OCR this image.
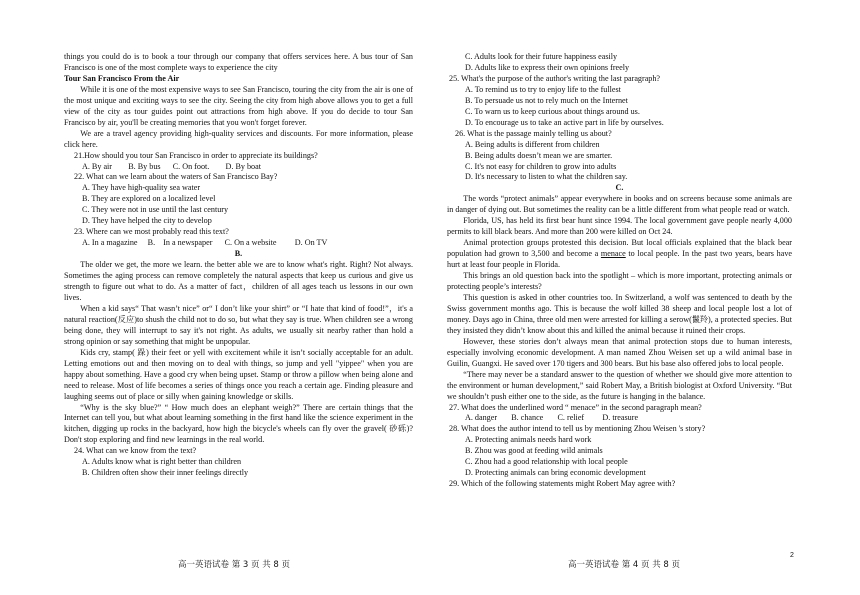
things you could do is to book a tour through our company that offers services here. A bus tour of San Francisco is one of the most complete ways to experience the city

Tour San Francisco From the Air

While it is one of the most expensive ways to see San Francisco, touring the city from the air is one of the most unique and exciting ways to see the city. Seeing the city from high above allows you to get a full view of the city as tour guides point out attractions from high above. If you do decide to tour San Francisco by air, you'll be creating memories that you won't forget forever.

We are a travel agency providing high-quality services and discounts. For more information, please click here.

21.How should you tour San Francisco in order to appreciate its buildings?

A. By air        B. By bus      C. On foot.        D. By boat

22. What can we learn about the waters of San Francisco Bay?

A. They have high-quality sea water

B. They are explored on a localized level

C. They were not in use until the last century

D. They have helped the city to develop

23. Where can we most probably read this text?

A. In a magazine     B.    In a newspaper      C. On a website         D. On TV

B.

The older we get, the more we learn. the better able we are to know what's right. Right? Not always. Sometimes the aging process can remove completely the natural aspects that keep us curious and give us strength to figure out what to do. As a matter of fact，children of all ages teach us lessons in our own lives.

When a kid says“ That wasn’t nice” or“ I don’t like your shirt” or “I hate that kind of food!”，it's a natural reaction(反应)to shush the child not to do so, but what they say is true. When children see a wrong being done, they will interrupt to say it's not right. As adults, we usually sit nearby rather than hold a strong opinion or say something that might be unpopular.

Kids cry, stamp( 跺) their feet or yell with excitement while it isn’t socially acceptable for an adult. Letting emotions out and then moving on to deal with things, so jump and yell "yippee" when you are happy about something. Have a good cry when being upset. Stamp or throw a pillow when being alone and need to release. Most of life becomes a series of things once you reach a certain age. Finding pleasure and laughing seems out of place or silly when gaining knowledge or skills.

“Why is the sky blue?” “ How much does an elephant weigh?” There are certain things that the Internet can tell you, but what about learning something in the first hand like the science experiment in the kitchen, digging up rocks in the backyard, how high the bicycle's wheels can fly over the gravel( 砂砾)? Don't stop exploring and find new learnings in the real world.

24. What can we know from the text?

A. Adults know what is right better than children

B. Children often show their inner feelings directly

C. Adults look for their future happiness easily

D. Adults like to express their own opinions freely

25. What's the purpose of the author's writing the last paragraph?

A. To remind us to try to enjoy life to the fullest

B. To persuade us not to rely much on the Internet

C. To warn us to keep curious about things around us.

D. To encourage us to take an active part in life by ourselves.

26. What is the passage mainly telling us about?

A. Being adults is different from children

B. Being adults doesn’t mean we are smarter.

C. It's not easy for children to grow into adults

D. It's necessary to listen to what the children say.

C.

The words “protect animals” appear everywhere in books and on screens because some animals are in danger of dying out. But sometimes the reality can be a little different from what people read or watch.

Florida, US, has held its first bear hunt since 1994. The local government gave people nearly 4,000 permits to kill black bears. And more than 200 were killed on Oct 24.

Animal protection groups protested this decision. But local officials explained that the black bear population had grown to 3,500 and become a menace to local people. In the past two years, bears have hurt at least four people in Florida.

This brings an old question back into the spotlight – which is more important, protecting animals or protecting people’s interests?

This question is asked in other countries too. In Switzerland, a wolf was sentenced to death by the Swiss government months ago. This is because the wolf killed 38 sheep and local people lost a lot of money. Days ago in China, three old men were arrested for killing a serow(鬣羚), a protected species. But they insisted they didn’t know about this and killed the animal because it ruined their crops.

However, these stories don’t always mean that animal protection stops due to human interests, especially involving economic development. A man named Zhou Weisen set up a wild animal base in Guilin, Guangxi. He saved over 170 tigers and 300 bears. But his base also offered jobs to local people.

“There may never be a standard answer to the question of whether we should give more attention to the environment or human development,” said Robert May, a British biologist at Oxford University. “But we shouldn’t push either one to the side, as the future is hanging in the balance.

27. What does the underlined word “ menace” in the second paragraph mean?

A. danger       B. chance       C. relief         D. treasure

28. What does the author intend to tell us by mentioning Zhou Weisen 's story?

A. Protecting animals needs hard work

B. Zhou was good at feeding wild animals

C. Zhou had a good relationship with local people

D. Protecting animals can bring economic development

29. Which of the following statements might Robert May agree with?

高一英语试卷 第 3 页 共 8 页	高一英语试卷 第 4 页 共 8 页
2
